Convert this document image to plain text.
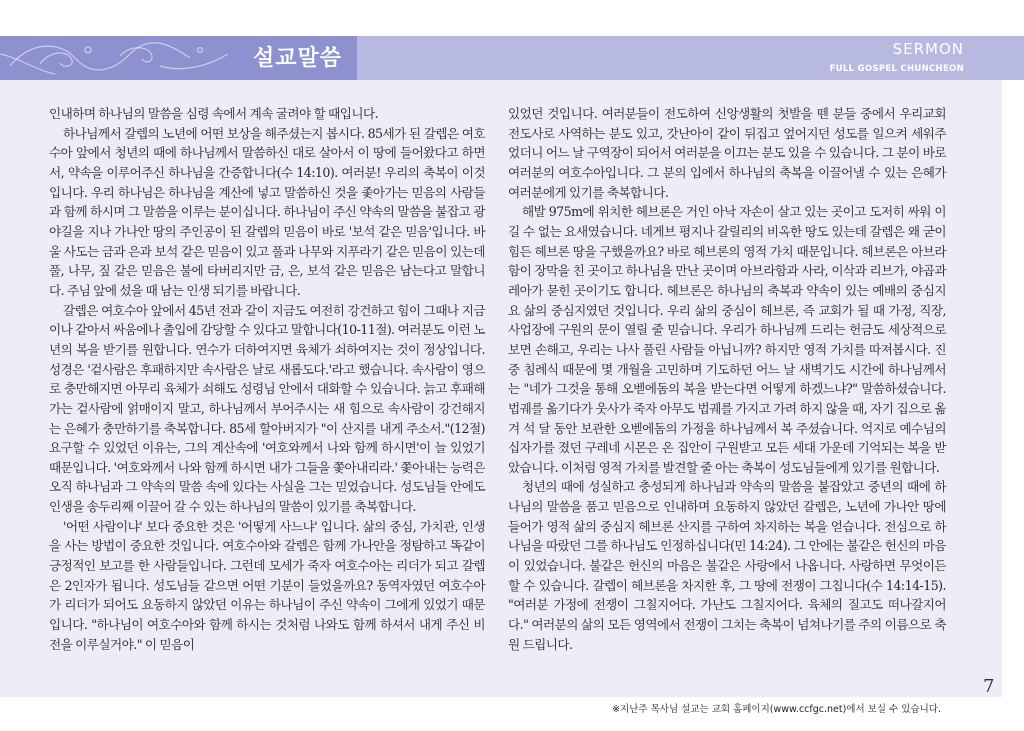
설교말씀	SERMON
FULL GOSPEL CHUNCHEON

인내하며 하나님의 말씀을 심령 속에서 계속 굴려야 할 때입니다.

하나님께서 갈렙의 노년에 어떤 보상을 해주셨는지 봅시다. 85세가 된 갈렙은 여호수아 앞에서 청년의 때에 하나님께서 말씀하신 대로 살아서 이 땅에 들어왔다고 하면서, 약속을 이루어주신 하나님을 간증합니다(수 14:10). 여러분! 우리의 축복이 이것입니다. 우리 하나님은 하나님을 계산에 넣고 말씀하신 것을 좇아가는 믿음의 사람들과 함께 하시며 그 말씀을 이루는 분이십니다. 하나님이 주신 약속의 말씀을 붙잡고 광야길을 지나 가나안 땅의 주인공이 된 갈렙의 믿음이 바로 '보석 같은 믿음'입니다. 바울 사도는 금과 은과 보석 같은 믿음이 있고 풀과 나무와 지푸라기 같은 믿음이 있는데 풀, 나무, 짚 같은 믿음은 불에 타버리지만 금, 은, 보석 같은 믿음은 남는다고 말합니다. 주님 앞에 섰을 때 남는 인생 되기를 바랍니다.

갈렙은 여호수아 앞에서 45년 전과 같이 지금도 여전히 강건하고 힘이 그때나 지금이나 같아서 싸움에나 출입에 감당할 수 있다고 말합니다(10-11절). 여러분도 이런 노년의 복을 받기를 원합니다. 연수가 더하여지면 육체가 쇠하여지는 것이 정상입니다. 성경은 '겉사람은 후패하지만 속사람은 날로 새롭도다.'라고 했습니다. 속사람이 영으로 충만해지면 아무리 육체가 쇠해도 성령님 안에서 대화할 수 있습니다. 늙고 후패해 가는 겉사람에 얽매이지 말고, 하나님께서 부어주시는 새 힘으로 속사람이 강건해지는 은혜가 충만하기를 축복합니다. 85세 할아버지가 "이 산지를 내게 주소서."(12절) 요구할 수 있었던 이유는, 그의 계산속에 '여호와께서 나와 함께 하시면'이 늘 있었기 때문입니다. '여호와께서 나와 함께 하시면 내가 그들을 쫓아내리라.' 쫓아내는 능력은 오직 하나님과 그 약속의 말씀 속에 있다는 사실을 그는 믿었습니다. 성도님들 안에도 인생을 송두리째 이끌어 갈 수 있는 하나님의 말씀이 있기를 축복합니다.

'어떤 사람이냐' 보다 중요한 것은 '어떻게 사느냐' 입니다. 삶의 중심, 가치관, 인생을 사는 방법이 중요한 것입니다. 여호수아와 갈렙은 함께 가나안을 정탐하고 똑같이 긍정적인 보고를 한 사람들입니다. 그런데 모세가 죽자 여호수아는 리더가 되고 갈렙은 2인자가 됩니다. 성도님들 같으면 어떤 기분이 들었을까요? 동역자였던 여호수아가 리더가 되어도 요동하지 않았던 이유는 하나님이 주신 약속이 그에게 있었기 때문입니다. "하나님이 여호수아와 함께 하시는 것처럼 나와도 함께 하셔서 내게 주신 비전을 이루실거야." 이 믿음이

있었던 것입니다. 여러분들이 전도하여 신앙생활의 첫발을 뗀 분들 중에서 우리교회 전도사로 사역하는 분도 있고, 갓난아이 같이 뒤집고 엎어지던 성도를 일으켜 세워주었더니 어느 날 구역장이 되어서 여러분을 이끄는 분도 있을 수 있습니다. 그 분이 바로 여러분의 여호수아입니다. 그 분의 입에서 하나님의 축복을 이끌어낼 수 있는 은혜가 여러분에게 있기를 축복합니다.

해발 975m에 위치한 헤브론은 거인 아낙 자손이 살고 있는 곳이고 도저히 싸워 이길 수 없는 요새였습니다. 네게브 평지나 갈릴리의 비옥한 땅도 있는데 갈렙은 왜 굳이 힘든 헤브론 땅을 구했을까요? 바로 헤브론의 영적 가치 때문입니다. 헤브론은 아브라함이 장막을 친 곳이고 하나님을 만난 곳이며 아브라함과 사라, 이삭과 리브가, 야곱과 레아가 묻힌 곳이기도 합니다. 헤브론은 하나님의 축복과 약속이 있는 예배의 중심지요 삶의 중심지였던 것입니다. 우리 삶의 중심이 헤브론, 즉 교회가 될 때 가정, 직장, 사업장에 구원의 문이 열릴 줄 믿습니다. 우리가 하나님께 드리는 헌금도 세상적으로 보면 손해고, 우리는 나사 풀린 사람들 아닙니까? 하지만 영적 가치를 따져봅시다. 진중 침례식 때문에 몇 개월을 고민하며 기도하던 어느 날 새벽기도 시간에 하나님께서는 "네가 그것을 통해 오벧에돔의 복을 받는다면 어떻게 하겠느냐?" 말씀하셨습니다. 법궤를 옮기다가 웃사가 죽자 아무도 법궤를 가지고 가려 하지 않을 때, 자기 집으로 옮겨 석 달 동안 보관한 오벧에돔의 가정을 하나님께서 복 주셨습니다. 억지로 예수님의 십자가를 졌던 구레네 시몬은 온 집안이 구원받고 모든 세대 가운데 기억되는 복을 받았습니다. 이처럼 영적 가치를 발견할 줄 아는 축복이 성도님들에게 있기를 원합니다.

청년의 때에 성실하고 충성되게 하나님과 약속의 말씀을 붙잡았고 중년의 때에 하나님의 말씀을 품고 믿음으로 인내하며 요동하지 않았던 갈렙은, 노년에 가나안 땅에 들어가 영적 삶의 중심지 헤브론 산지를 구하여 차지하는 복을 얻습니다. 전심으로 하나님을 따랐던 그를 하나님도 인정하십니다(민 14:24). 그 안에는 불같은 헌신의 마음이 있었습니다. 불같은 헌신의 마음은 불같은 사랑에서 나옵니다. 사랑하면 무엇이든 할 수 있습니다. 갈렙이 헤브론을 차지한 후, 그 땅에 전쟁이 그칩니다(수 14:14-15). "여러분 가정에 전쟁이 그칠지어다. 가난도 그칠지어다. 육체의 질고도 떠나갈지어다." 여러분의 삶의 모든 영역에서 전쟁이 그치는 축복이 넘쳐나기를 주의 이름으로 축원 드립니다.

7
※지난주 목사님 설교는 교회 홈페이지(www.ccfgc.net)에서 보실 수 있습니다.
